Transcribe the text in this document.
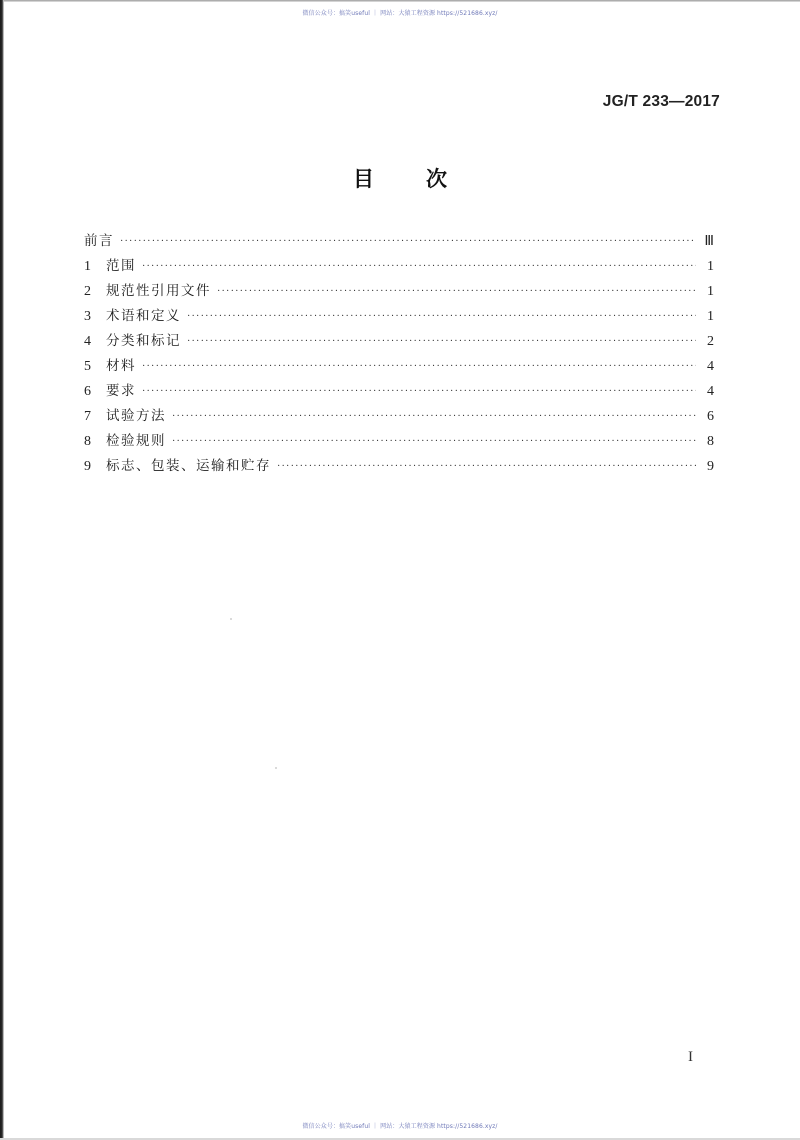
微信公众号：搞笑useful ｜ 网站：大猿工程资源 https://521686.xyz/
JG/T 233—2017
目 次
前言 ·····	Ⅲ
1	范围 ·····	1
2	规范性引用文件 ·····	1
3	术语和定义 ·····	1
4	分类和标记 ·····	2
5	材料 ·····	4
6	要求 ·····	4
7	试验方法 ·····	6
8	检验规则 ·····	8
9	标志、包装、运输和贮存 ·····	9
I
微信公众号：搞笑useful ｜ 网站：大猿工程资源 https://521686.xyz/
